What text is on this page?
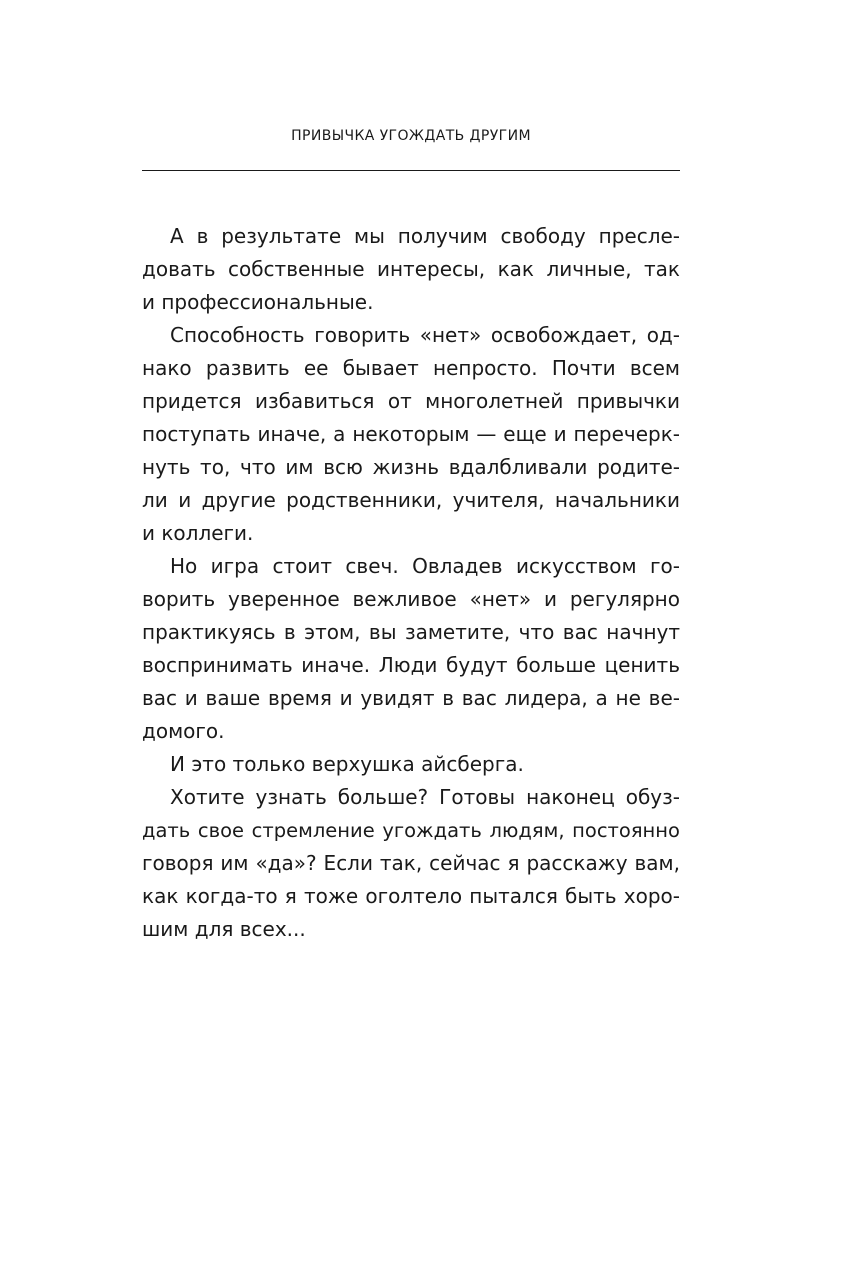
ПРИВЫЧКА УГОЖДАТЬ ДРУГИМ
А в результате мы получим свободу пресле-
довать собственные интересы, как личные, так
и профессиональные.
Способность говорить «нет» освобождает, од-
нако развить ее бывает непросто. Почти всем
придется избавиться от многолетней привычки
поступать иначе, а некоторым — еще и перечерк-
нуть то, что им всю жизнь вдалбливали родите-
ли и другие родственники, учителя, начальники
и коллеги.
Но игра стоит свеч. Овладев искусством го-
ворить уверенное вежливое «нет» и регулярно
практикуясь в этом, вы заметите, что вас начнут
воспринимать иначе. Люди будут больше ценить
вас и ваше время и увидят в вас лидера, а не ве-
домого.
И это только верхушка айсберга.
Хотите узнать больше? Готовы наконец обуз-
дать свое стремление угождать людям, постоянно
говоря им «да»? Если так, сейчас я расскажу вам,
как когда-то я тоже оголтело пытался быть хоро-
шим для всех...
